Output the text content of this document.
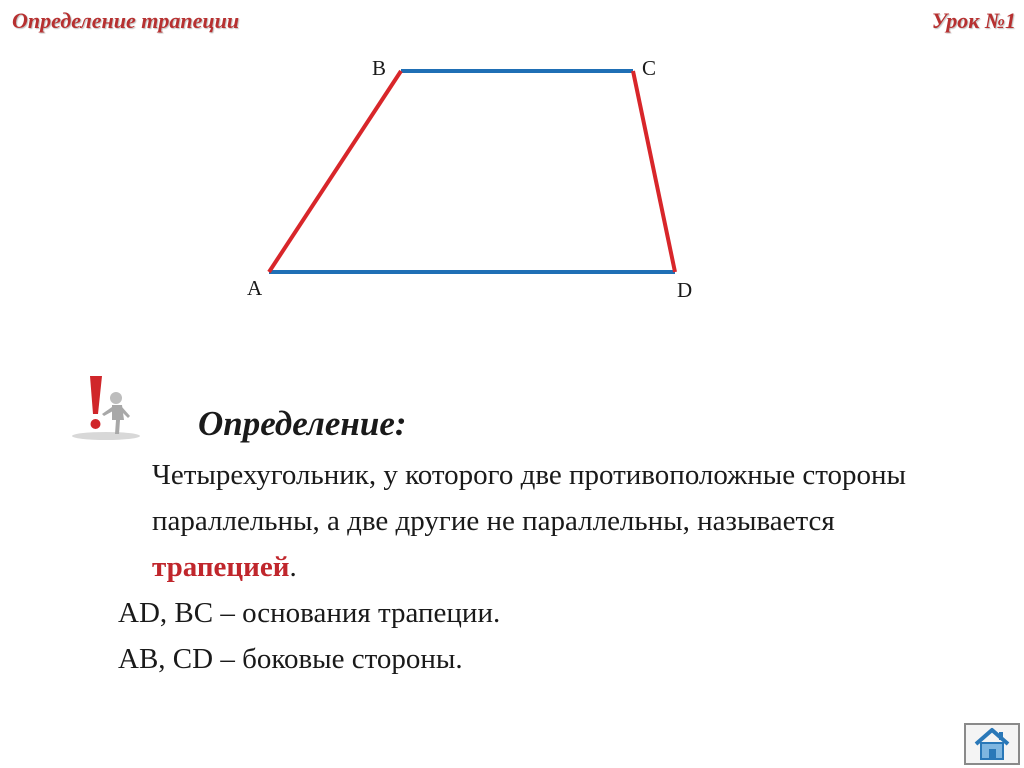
Определение трапеции	Урок №1
B	C
A	D
Определение:

Четырехугольник, у которого две противоположные стороны параллельны, а две другие не параллельны, называется трапецией.

AD, BC – основания трапеции.

AB, CD – боковые стороны.
